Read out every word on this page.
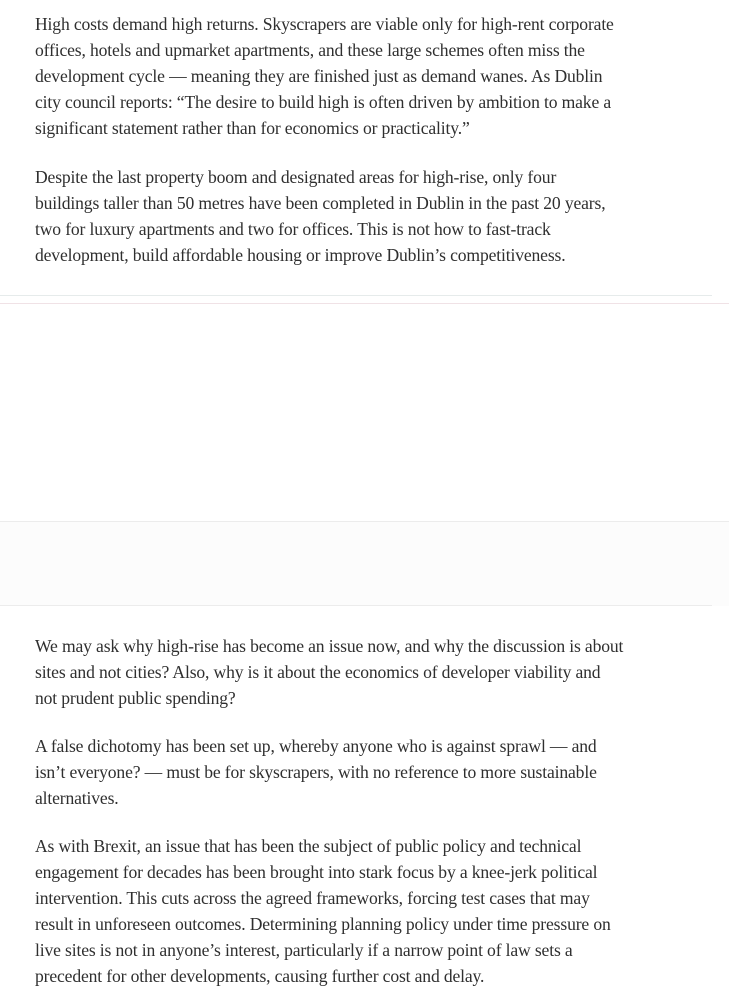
High costs demand high returns. Skyscrapers are viable only for high-rent corporate
offices, hotels and upmarket apartments, and these large schemes often miss the
development cycle — meaning they are finished just as demand wanes. As Dublin
city council reports: “The desire to build high is often driven by ambition to make a
significant statement rather than for economics or practicality.”

Despite the last property boom and designated areas for high-rise, only four
buildings taller than 50 metres have been completed in Dublin in the past 20 years,
two for luxury apartments and two for offices. This is not how to fast-track
development, build affordable housing or improve Dublin’s competitiveness.

We may ask why high-rise has become an issue now, and why the discussion is about
sites and not cities? Also, why is it about the economics of developer viability and
not prudent public spending?

A false dichotomy has been set up, whereby anyone who is against sprawl — and
isn’t everyone? — must be for skyscrapers, with no reference to more sustainable
alternatives.

As with Brexit, an issue that has been the subject of public policy and technical
engagement for decades has been brought into stark focus by a knee-jerk political
intervention. This cuts across the agreed frameworks, forcing test cases that may
result in unforeseen outcomes. Determining planning policy under time pressure on
live sites is not in anyone’s interest, particularly if a narrow point of law sets a
precedent for other developments, causing further cost and delay.
